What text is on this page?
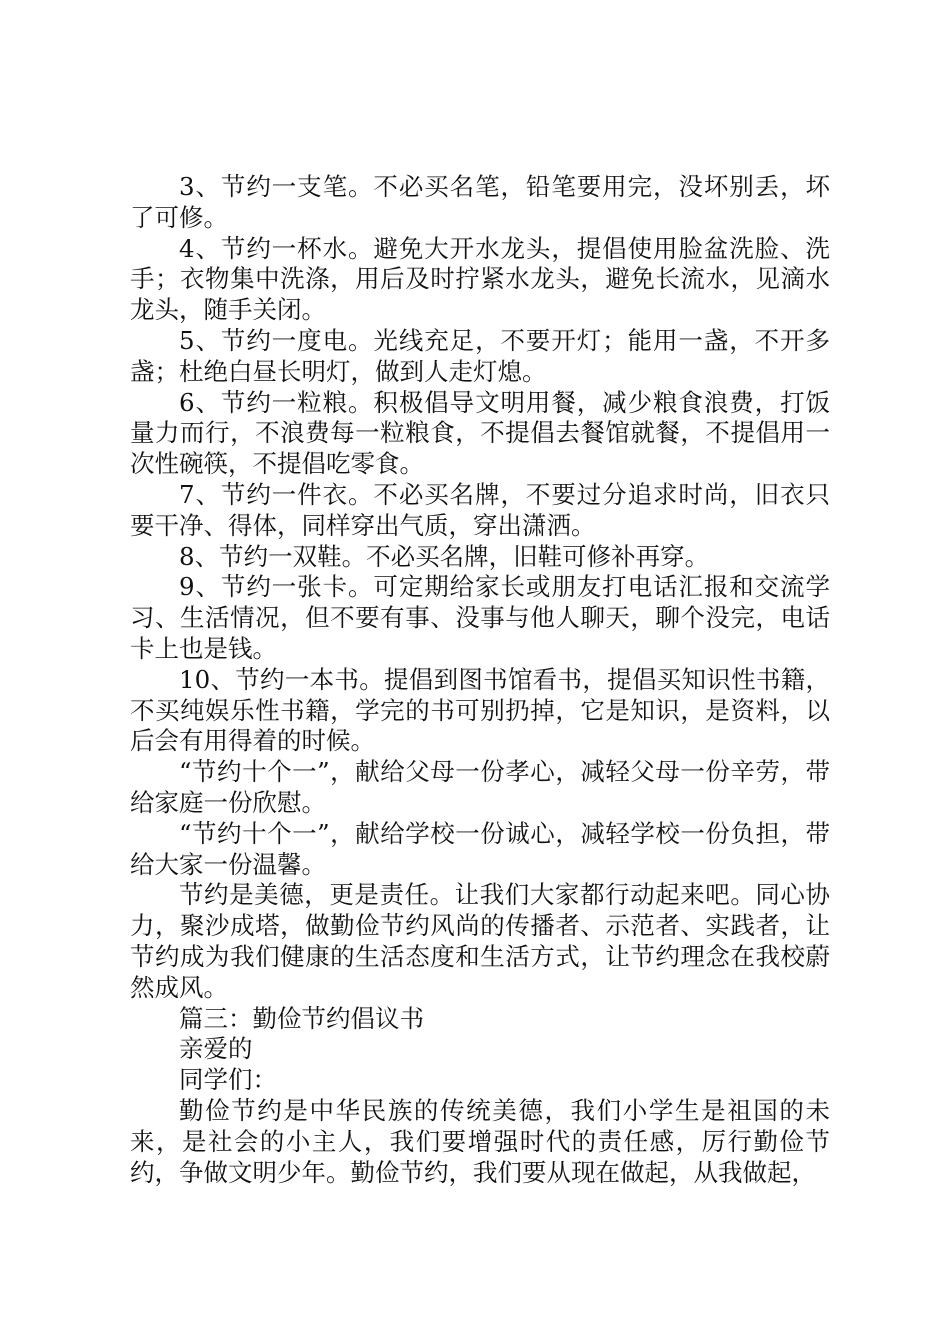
3、节约一支笔。不必买名笔，铅笔要用完，没坏别丢，坏了可修。

4、节约一杯水。避免大开水龙头，提倡使用脸盆洗脸、洗手；衣物集中洗涤，用后及时拧紧水龙头，避免长流水，见滴水龙头，随手关闭。

5、节约一度电。光线充足，不要开灯；能用一盏，不开多盏；杜绝白昼长明灯，做到人走灯熄。

6、节约一粒粮。积极倡导文明用餐，减少粮食浪费，打饭量力而行，不浪费每一粒粮食，不提倡去餐馆就餐，不提倡用一次性碗筷，不提倡吃零食。

7、节约一件衣。不必买名牌，不要过分追求时尚，旧衣只要干净、得体，同样穿出气质，穿出潇洒。

8、节约一双鞋。不必买名牌，旧鞋可修补再穿。

9、节约一张卡。可定期给家长或朋友打电话汇报和交流学习、生活情况，但不要有事、没事与他人聊天，聊个没完，电话卡上也是钱。

10、节约一本书。提倡到图书馆看书，提倡买知识性书籍，不买纯娱乐性书籍，学完的书可别扔掉，它是知识，是资料，以后会有用得着的时候。

“节约十个一”，献给父母一份孝心，减轻父母一份辛劳，带给家庭一份欣慰。

“节约十个一”，献给学校一份诚心，减轻学校一份负担，带给大家一份温馨。

节约是美德，更是责任。让我们大家都行动起来吧。同心协力，聚沙成塔，做勤俭节约风尚的传播者、示范者、实践者，让节约成为我们健康的生活态度和生活方式，让节约理念在我校蔚然成风。

篇三：勤俭节约倡议书

亲爱的

同学们：

勤俭节约是中华民族的传统美德，我们小学生是祖国的未来，是社会的小主人，我们要增强时代的责任感，厉行勤俭节约，争做文明少年。勤俭节约，我们要从现在做起，从我做起，
